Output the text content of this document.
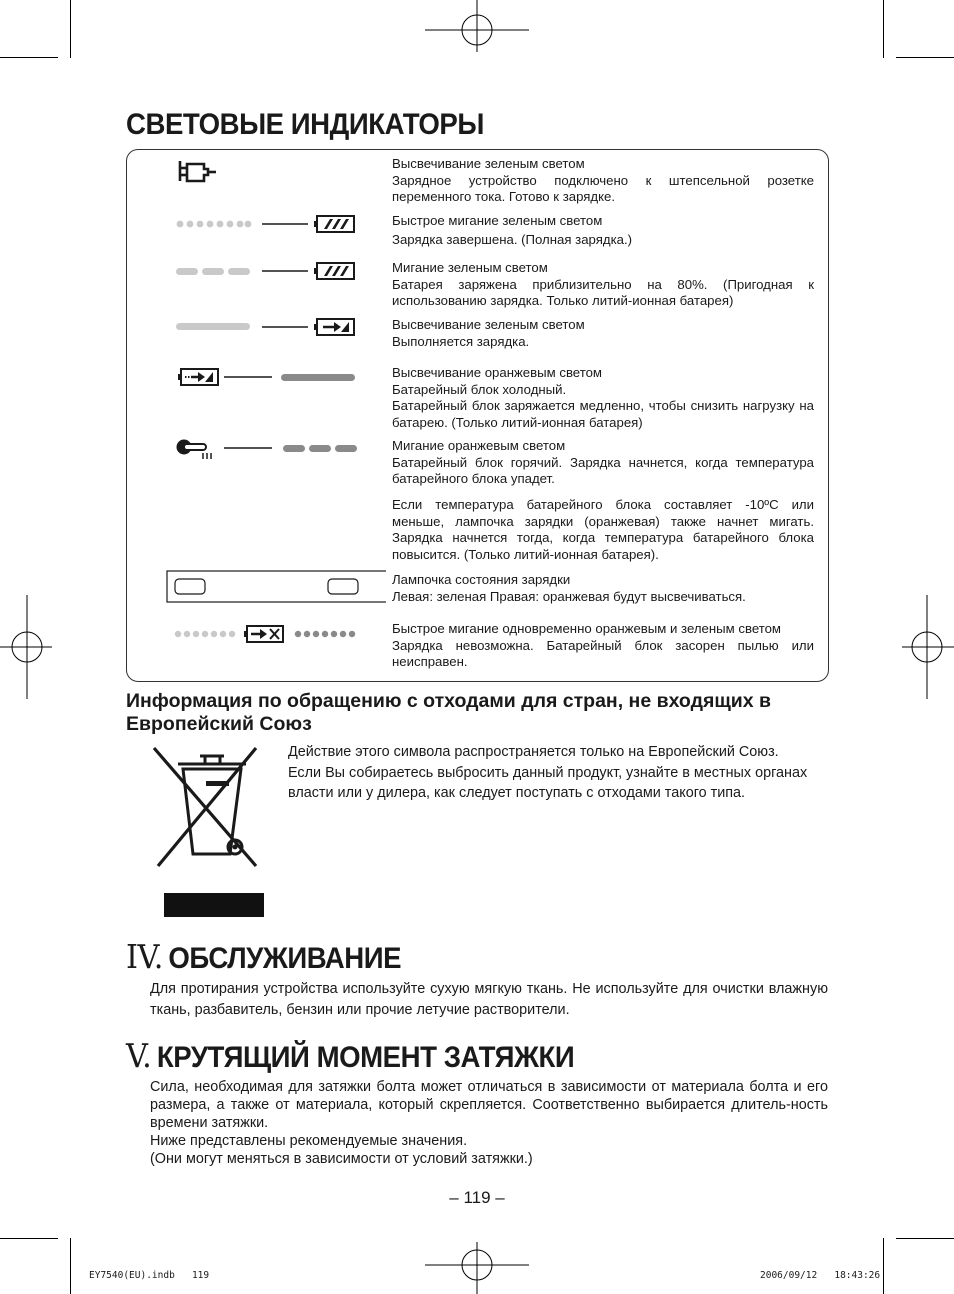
СВЕТОВЫЕ ИНДИКАТОРЫ
Высвечивание зеленым светом
Зарядное устройство подключено к штепсельной розетке переменного тока. Готово к зарядке.
Быстрое мигание зеленым светом
Зарядка завершена. (Полная зарядка.)
Мигание зеленым светом
Батарея заряжена приблизительно на 80%. (Пригодная к использованию зарядка. Только литий-ионная батарея)
Высвечивание зеленым светом
Выполняется зарядка.
Высвечивание оранжевым светом
Батарейный блок холодный.
Батарейный блок заряжается медленно, чтобы снизить нагрузку на батарею. (Только литий-ионная батарея)
Мигание оранжевым светом
Батарейный блок горячий. Зарядка начнется, когда температура батарейного блока упадет.
Если температура батарейного блока составляет -10ºC или меньше, лампочка зарядки (оранжевая) также начнет мигать. Зарядка начнется тогда, когда температура батарейного блока повысится. (Только литий-ионная батарея).
Лампочка состояния зарядки
Левая: зеленая Правая: оранжевая будут высвечиваться.
Быстрое мигание одновременно оранжевым и зеленым светом
Зарядка невозможна. Батарейный блок засорен пылью или неисправен.
Информация по обращению с отходами для стран, не входящих в Европейский Союз
Действие этого символа распространяется только на Европейский Союз.
Если Вы собираетесь выбросить данный продукт, узнайте в местных органах власти или у дилера, как следует поступать с отходами такого типа.
IV. ОБСЛУЖИВАНИЕ
Для протирания устройства используйте сухую мягкую ткань. Не используйте для очистки влажную ткань, разбавитель, бензин или прочие летучие растворители.
V. КРУТЯЩИЙ МОМЕНТ ЗАТЯЖКИ
Сила, необходимая для затяжки болта может отличаться в зависимости от материала болта и его размера, а также от материала, который скрепляется. Соответственно выбирается длитель-ность времени затяжки.
Ниже представлены рекомендуемые значения.
(Они могут меняться в зависимости от условий затяжки.)
– 119 –
EY7540(EU).indb   119	2006/09/12   18:43:26
